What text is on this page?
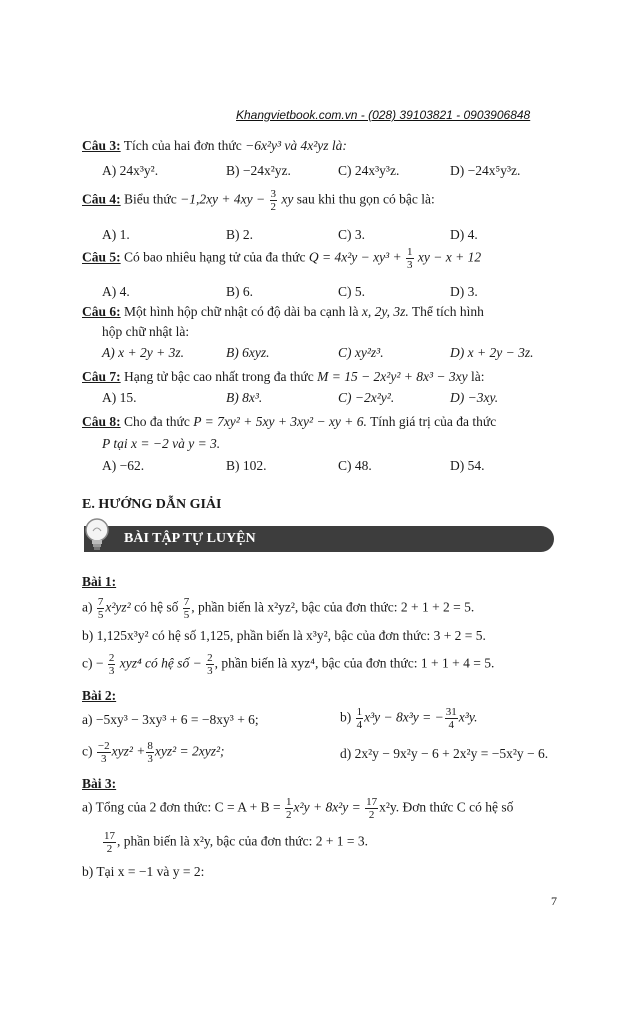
Khangvietbook.com.vn - (028) 39103821 - 0903906848
Câu 3: Tích của hai đơn thức −6x²y³ và 4x²yz là:
A) 24x³y².	B) −24x²yz.	C) 24x³y³z.	D) −24x⁵y³z.
Câu 4: Biểu thức $-1,2xy + 4xy - \frac{3}{2}$ xy sau khi thu gọn có bậc là:
A) 1.	B) 2.	C) 3.	D) 4.
Câu 5: Có bao nhiêu hạng tử của đa thức $Q = 4x^2y - xy^3 + \frac{1}{3}$ xy − x + 12
A) 4.	B) 6.	C) 5.	D) 3.
Câu 6: Một hình hộp chữ nhật có độ dài ba cạnh là x, 2y, 3z. Thể tích hình
hộp chữ nhật là:
A) x + 2y + 3z.	B) 6xyz.	C) xy²z³.	D) x + 2y − 3z.
Câu 7: Hạng tử bậc cao nhất trong đa thức M = 15 − 2x²y² + 8x³ − 3xy là:
A) 15.	B) 8x³.	C) −2x²y².	D) −3xy.
Câu 8: Cho đa thức P = 7xy² + 5xy + 3xy² − xy + 6. Tính giá trị của đa thức
P tại x = −2 và y = 3.
A) −62.	B) 102.	C) 48.	D) 54.
E. HƯỚNG DẪN GIẢI
BÀI TẬP TỰ LUYỆN
Bài 1:
$a) \frac{7}{5} x^2yz^2$ có hệ số $\frac{7}{5}$ , phần biến là x²yz², bậc của đơn thức: 2 + 1 + 2 = 5.
b) 1,125x³y² có hệ số 1,125, phần biến là x³y², bậc của đơn thức: 3 + 2 = 5.
$c) - \frac{2}{3} xyz^4$ có hệ số − $\frac{2}{3}$ , phần biến là xyz⁴, bậc của đơn thức: 1 + 1 + 4 = 5.
Bài 2:
a) −5xy³ − 3xy³ + 6 = −8xy³ + 6;	$b) \frac{1}{4} x^3y - 8x^3y$ = − $\frac{31}{4} x^3y$.
$c) \frac{-2}{3} xyz^2 + \frac{8}{3} xyz^2 = 2xyz^2$;	d) 2x²y − 9x²y − 6 + 2x²y = −5x²y − 6.
Bài 3:
a) Tổng của 2 đơn thức: $C = A + B = \frac{1}{2} x^2y + 8x^2y = \frac{17}{2} x^2y$. Đơn thức C có hệ số
$\frac{17}{2}$ , phần biến là x²y, bậc của đơn thức: 2 + 1 = 3.
b) Tại x = −1 và y = 2:
7
